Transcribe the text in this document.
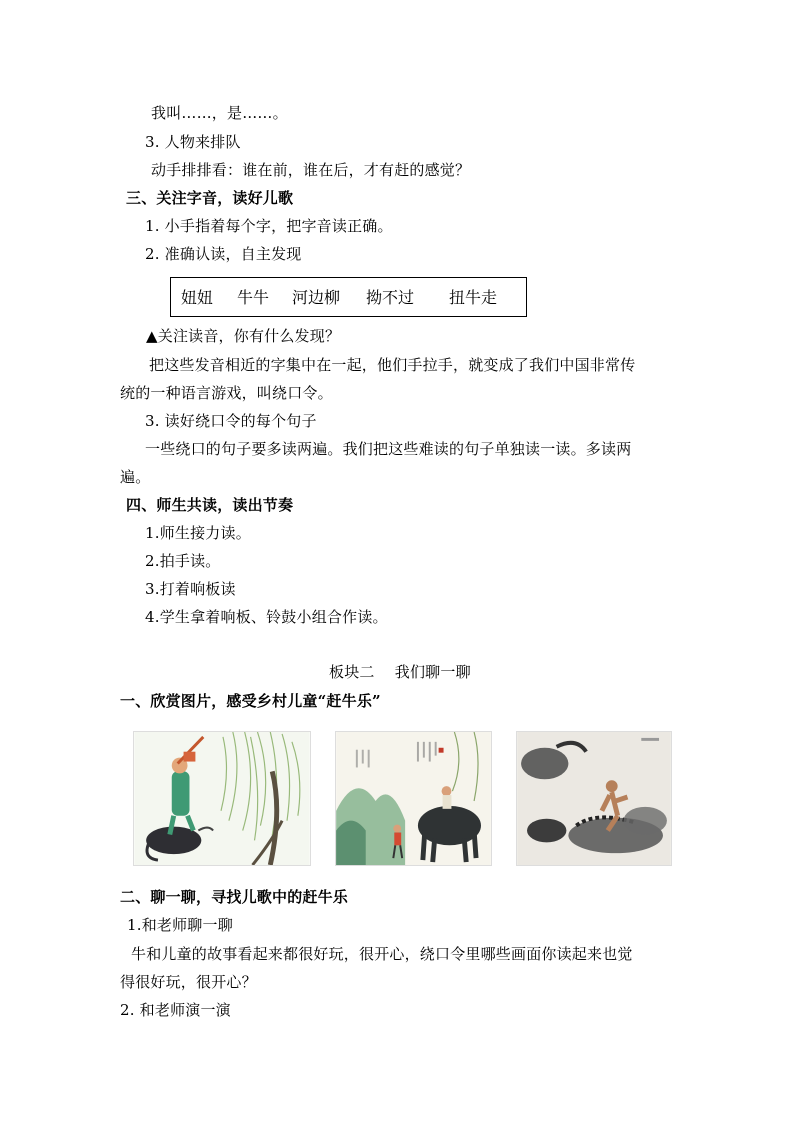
我叫……，是……。
3. 人物来排队
动手排排看：谁在前，谁在后，才有赶的感觉？
三、关注字音，读好儿歌
1. 小手指着每个字，把字音读正确。
2. 准确认读，自主发现
妞妞 牛牛 河边柳 拗不过 扭牛走
▲关注读音，你有什么发现？
把这些发音相近的字集中在一起，他们手拉手，就变成了我们中国非常传
统的一种语言游戏，叫绕口令。
3. 读好绕口令的每个句子
一些绕口的句子要多读两遍。我们把这些难读的句子单独读一读。多读两
遍。
四、师生共读，读出节奏
1.师生接力读。
2.拍手读。
3.打着响板读
4.学生拿着响板、铃鼓小组合作读。
板块二　 我们聊一聊
一、欣赏图片，感受乡村儿童“赶牛乐”
二、聊一聊，寻找儿歌中的赶牛乐
1.和老师聊一聊
牛和儿童的故事看起来都很好玩，很开心，绕口令里哪些画面你读起来也觉
得很好玩，很开心？
2. 和老师演一演
